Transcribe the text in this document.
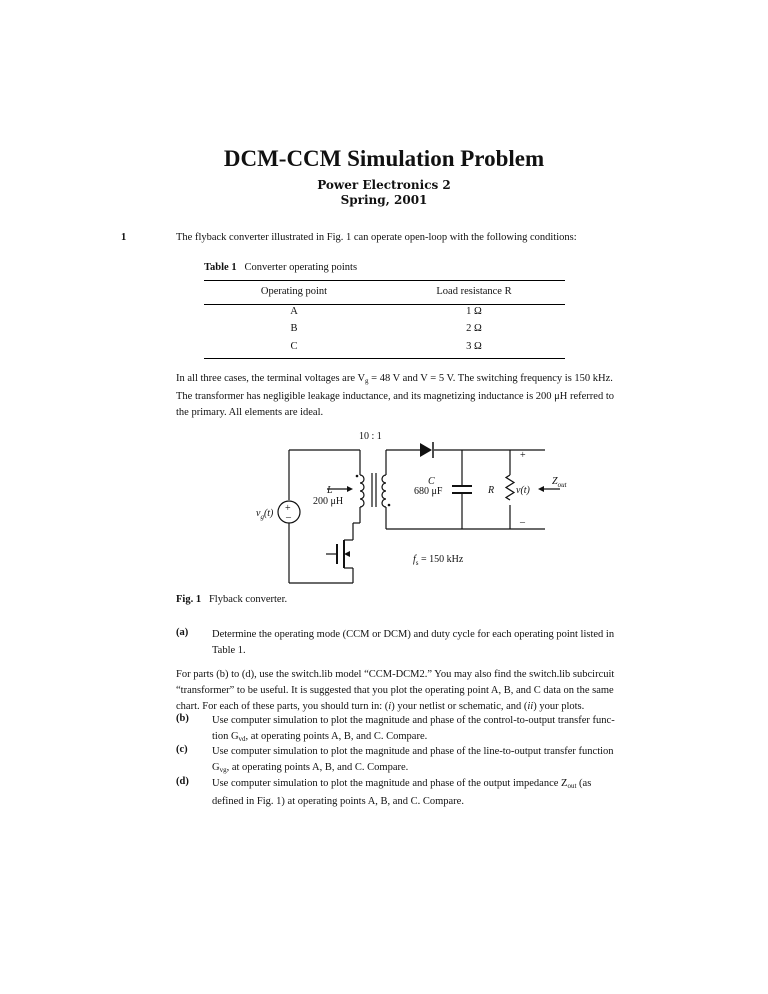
DCM-CCM Simulation Problem
Power Electronics 2
Spring, 2001
1	The flyback converter illustrated in Fig. 1 can operate open-loop with the following conditions:
Table 1 Converter operating points
Operating point	Load resistance R
A	1 Ω
B	2 Ω
C	3 Ω
In all three cases, the terminal voltages are $V_g = 48$ V and V = 5 V. The switching frequency is 150 kHz.
The transformer has negligible leakage inductance, and its magnetizing inductance is 200 μH referred to
the primary. All elements are ideal.
10 : 1
L
200 μH
C
680 μF	R v(t)
+
–
+
–
$Z_{out}$
$v_g(t)$
$f_s = 150$ kHz
Fig. 1 Flyback converter.
(a) Determine the operating mode (CCM or DCM) and duty cycle for each operating point listed in
Table 1.
For parts (b) to (d), use the switch.lib model “CCM-DCM2.” You may also find the switch.lib subcircuit
“transformer” to be useful. It is suggested that you plot the operating point A, B, and C data on the same
chart. For each of these parts, you should turn in: (i) your netlist or schematic, and (ii) your plots.
(b) Use computer simulation to plot the magnitude and phase of the control-to-output transfer func-
tion $G_{vd}$, at operating points A, B, and C. Compare.
(c) Use computer simulation to plot the magnitude and phase of the line-to-output transfer function
$G_{vg}$, at operating points A, B, and C. Compare.
(d) Use computer simulation to plot the magnitude and phase of the output impedance $Z_{out}$ (as
defined in Fig. 1) at operating points A, B, and C. Compare.
